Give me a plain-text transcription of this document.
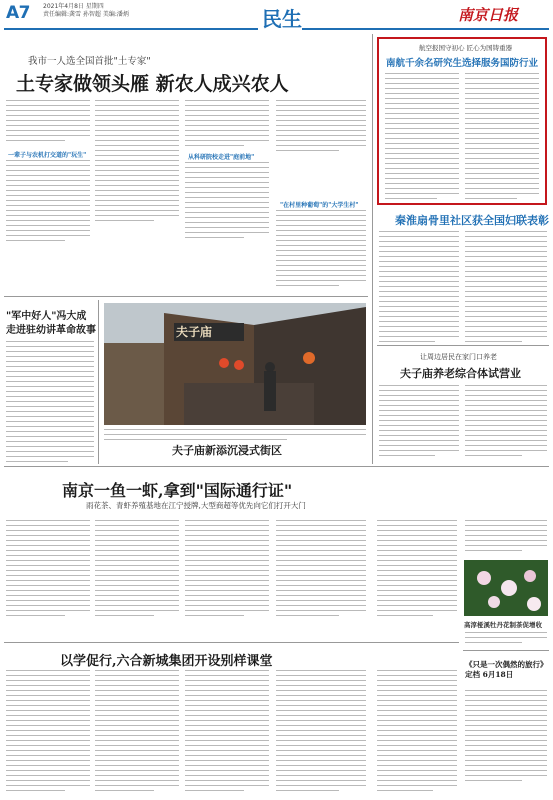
A7 2021年4月8日 星期四
责任编辑:龚雪 孙智超 美编:潘炳	民生	南京日报
我市一人选全国首批"土专家"
土专家做领头雁 新农人成兴农人
一辈子与农机打交道的"玩生"	从科研院校走进"庭前地"
"在村里种葡萄"的"大学生村"
航空报国守初心 匠心为国铸重器
南航千余名研究生选择服务国防行业
秦淮扇骨里社区获全国妇联表彰
"军中好人"冯大成
走进驻幼讲革命故事	夫子庙
夫子庙新添沉浸式街区
让周边居民在家门口养老
夫子庙养老综合体试营业
南京一鱼一虾,拿到"国际通行证"
雨花茶、青虾养殖基地在江宁授牌,大型商超等优先向它们打开大门
高淳桠溪牡丹花制茶促增收
以学促行,六合新城集团开设别样课堂	《只是一次偶然的旅行》定档 6月18日
